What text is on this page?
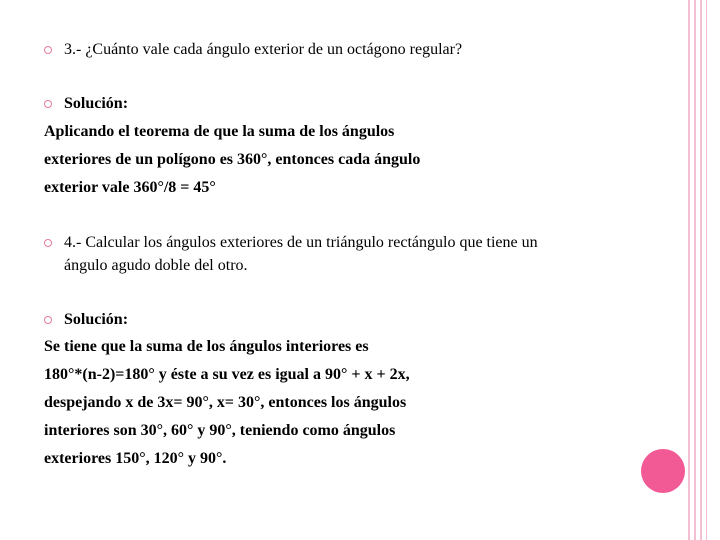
3.- ¿Cuánto vale cada ángulo exterior de un octágono regular?
Solución:
Aplicando el teorema de que la suma de los ángulos
exteriores de un polígono es 360°, entonces cada ángulo
exterior vale 360°/8 = 45°
4.- Calcular los ángulos exteriores de un triángulo rectángulo que tiene un
ángulo agudo doble del otro.
Solución:
Se tiene que la suma de los ángulos interiores es
180°*(n-2)=180° y éste a su vez es igual a 90° + x + 2x,
despejando x de 3x= 90°, x= 30°, entonces los ángulos
interiores son 30°, 60° y 90°, teniendo como ángulos
exteriores 150°, 120° y 90°.
